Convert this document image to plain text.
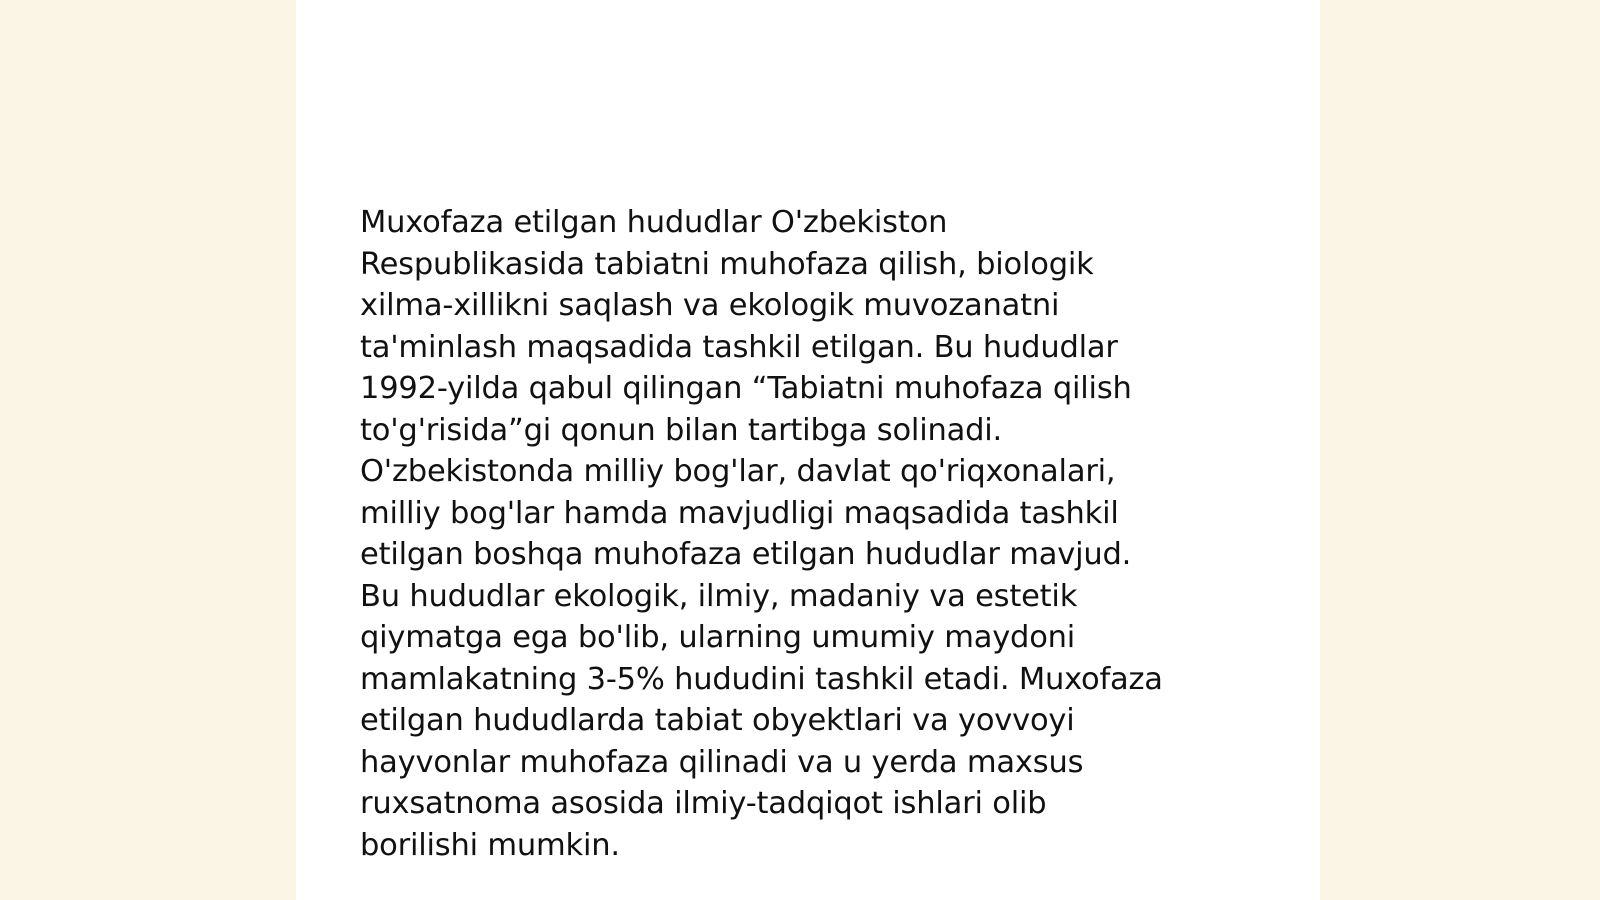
Muxofaza etilgan hududlar O'zbekiston
Respublikasida tabiatni muhofaza qilish, biologik
xilma-xillikni saqlash va ekologik muvozanatni
ta'minlash maqsadida tashkil etilgan. Bu hududlar
1992-yilda qabul qilingan “Tabiatni muhofaza qilish
to'g'risida”gi qonun bilan tartibga solinadi.
O'zbekistonda milliy bog'lar, davlat qo'riqxonalari,
milliy bog'lar hamda mavjudligi maqsadida tashkil
etilgan boshqa muhofaza etilgan hududlar mavjud.
Bu hududlar ekologik, ilmiy, madaniy va estetik
qiymatga ega bo'lib, ularning umumiy maydoni
mamlakatning 3-5% hududini tashkil etadi. Muxofaza
etilgan hududlarda tabiat obyektlari va yovvoyi
hayvonlar muhofaza qilinadi va u yerda maxsus
ruxsatnoma asosida ilmiy-tadqiqot ishlari olib
borilishi mumkin.
